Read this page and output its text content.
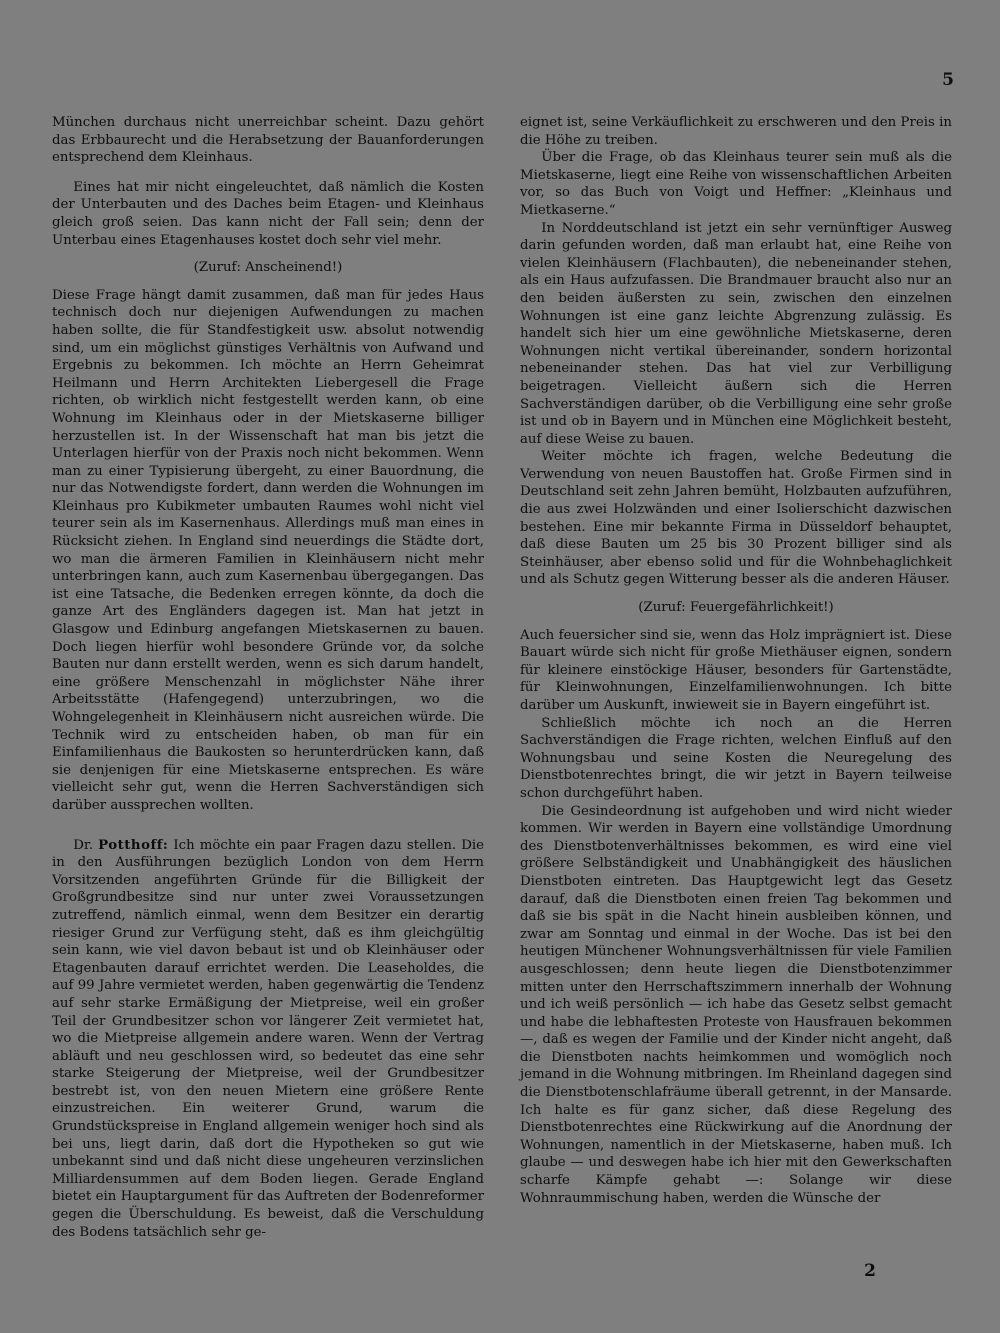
5

München durchaus nicht unerreichbar scheint. Dazu gehört das Erbbaurecht und die Herabsetzung der Bauanforderungen entsprechend dem Kleinhaus.

Eines hat mir nicht eingeleuchtet, daß nämlich die Kosten der Unterbauten und des Daches beim Etagen- und Kleinhaus gleich groß seien. Das kann nicht der Fall sein; denn der Unterbau eines Etagenhauses kostet doch sehr viel mehr.

(Zuruf: Anscheinend!)

Diese Frage hängt damit zusammen, daß man für jedes Haus technisch doch nur diejenigen Aufwendungen zu machen haben sollte, die für Standfestigkeit usw. absolut notwendig sind, um ein möglichst günstiges Verhältnis von Aufwand und Ergebnis zu bekommen. Ich möchte an Herrn Geheimrat Heilmann und Herrn Architekten Liebergesell die Frage richten, ob wirklich nicht festgestellt werden kann, ob eine Wohnung im Kleinhaus oder in der Mietskaserne billiger herzustellen ist. In der Wissenschaft hat man bis jetzt die Unterlagen hierfür von der Praxis noch nicht bekommen. Wenn man zu einer Typisierung übergeht, zu einer Bauordnung, die nur das Notwendigste fordert, dann werden die Wohnungen im Kleinhaus pro Kubikmeter umbauten Raumes wohl nicht viel teurer sein als im Kasernenhaus. Allerdings muß man eines in Rücksicht ziehen. In England sind neuerdings die Städte dort, wo man die ärmeren Familien in Kleinhäusern nicht mehr unterbringen kann, auch zum Kasernenbau übergegangen. Das ist eine Tatsache, die Bedenken erregen könnte, da doch die ganze Art des Engländers dagegen ist. Man hat jetzt in Glasgow und Edinburg angefangen Mietskasernen zu bauen. Doch liegen hierfür wohl besondere Gründe vor, da solche Bauten nur dann erstellt werden, wenn es sich darum handelt, eine größere Menschenzahl in möglichster Nähe ihrer Arbeitsstätte (Hafengegend) unterzubringen, wo die Wohngelegenheit in Kleinhäusern nicht ausreichen würde. Die Technik wird zu entscheiden haben, ob man für ein Einfamilienhaus die Baukosten so herunterdrücken kann, daß sie denjenigen für eine Mietskaserne entsprechen. Es wäre vielleicht sehr gut, wenn die Herren Sachverständigen sich darüber aussprechen wollten.

Dr. Potthoff: Ich möchte ein paar Fragen dazu stellen. Die in den Ausführungen bezüglich London von dem Herrn Vorsitzenden angeführten Gründe für die Billigkeit der Großgrundbesitze sind nur unter zwei Voraussetzungen zutreffend, nämlich einmal, wenn dem Besitzer ein derartig riesiger Grund zur Verfügung steht, daß es ihm gleichgültig sein kann, wie viel davon bebaut ist und ob Kleinhäuser oder Etagenbauten darauf errichtet werden. Die Leaseholdes, die auf 99 Jahre vermietet werden, haben gegenwärtig die Tendenz auf sehr starke Ermäßigung der Mietpreise, weil ein großer Teil der Grundbesitzer schon vor längerer Zeit vermietet hat, wo die Mietpreise allgemein andere waren. Wenn der Vertrag abläuft und neu geschlossen wird, so bedeutet das eine sehr starke Steigerung der Mietpreise, weil der Grundbesitzer bestrebt ist, von den neuen Mietern eine größere Rente einzustreichen. Ein weiterer Grund, warum die Grundstückspreise in England allgemein weniger hoch sind als bei uns, liegt darin, daß dort die Hypotheken so gut wie unbekannt sind und daß nicht diese ungeheuren verzinslichen Milliardensummen auf dem Boden liegen. Gerade England bietet ein Hauptargument für das Auftreten der Bodenreformer gegen die Überschuldung. Es beweist, daß die Verschuldung des Bodens tatsächlich sehr ge-

eignet ist, seine Verkäuflichkeit zu erschweren und den Preis in die Höhe zu treiben.

Über die Frage, ob das Kleinhaus teurer sein muß als die Mietskaserne, liegt eine Reihe von wissenschaftlichen Arbeiten vor, so das Buch von Voigt und Heffner: „Kleinhaus und Mietkaserne.“

In Norddeutschland ist jetzt ein sehr vernünftiger Ausweg darin gefunden worden, daß man erlaubt hat, eine Reihe von vielen Kleinhäusern (Flachbauten), die nebeneinander stehen, als ein Haus aufzufassen. Die Brandmauer braucht also nur an den beiden äußersten zu sein, zwischen den einzelnen Wohnungen ist eine ganz leichte Abgrenzung zulässig. Es handelt sich hier um eine gewöhnliche Mietskaserne, deren Wohnungen nicht vertikal übereinander, sondern horizontal nebeneinander stehen. Das hat viel zur Verbilligung beigetragen. Vielleicht äußern sich die Herren Sachverständigen darüber, ob die Verbilligung eine sehr große ist und ob in Bayern und in München eine Möglichkeit besteht, auf diese Weise zu bauen.

Weiter möchte ich fragen, welche Bedeutung die Verwendung von neuen Baustoffen hat. Große Firmen sind in Deutschland seit zehn Jahren bemüht, Holzbauten aufzuführen, die aus zwei Holzwänden und einer Isolierschicht dazwischen bestehen. Eine mir bekannte Firma in Düsseldorf behauptet, daß diese Bauten um 25 bis 30 Prozent billiger sind als Steinhäuser, aber ebenso solid und für die Wohnbehaglichkeit und als Schutz gegen Witterung besser als die anderen Häuser.

(Zuruf: Feuergefährlichkeit!)

Auch feuersicher sind sie, wenn das Holz imprägniert ist. Diese Bauart würde sich nicht für große Miethäuser eignen, sondern für kleinere einstöckige Häuser, besonders für Gartenstädte, für Kleinwohnungen, Einzelfamilienwohnungen. Ich bitte darüber um Auskunft, inwieweit sie in Bayern eingeführt ist.

Schließlich möchte ich noch an die Herren Sachverständigen die Frage richten, welchen Einfluß auf den Wohnungsbau und seine Kosten die Neuregelung des Dienstbotenrechtes bringt, die wir jetzt in Bayern teilweise schon durchgeführt haben.

Die Gesindeordnung ist aufgehoben und wird nicht wieder kommen. Wir werden in Bayern eine vollständige Umordnung des Dienstbotenverhältnisses bekommen, es wird eine viel größere Selbständigkeit und Unabhängigkeit des häuslichen Dienstboten eintreten. Das Hauptgewicht legt das Gesetz darauf, daß die Dienstboten einen freien Tag bekommen und daß sie bis spät in die Nacht hinein ausbleiben können, und zwar am Sonntag und einmal in der Woche. Das ist bei den heutigen Münchener Wohnungsverhältnissen für viele Familien ausgeschlossen; denn heute liegen die Dienstbotenzimmer mitten unter den Herrschaftszimmern innerhalb der Wohnung und ich weiß persönlich — ich habe das Gesetz selbst gemacht und habe die lebhaftesten Proteste von Hausfrauen bekommen —, daß es wegen der Familie und der Kinder nicht angeht, daß die Dienstboten nachts heimkommen und womöglich noch jemand in die Wohnung mitbringen. Im Rheinland dagegen sind die Dienstbotenschlafräume überall getrennt, in der Mansarde. Ich halte es für ganz sicher, daß diese Regelung des Dienstbotenrechtes eine Rückwirkung auf die Anordnung der Wohnungen, namentlich in der Mietskaserne, haben muß. Ich glaube — und deswegen habe ich hier mit den Gewerkschaften scharfe Kämpfe gehabt —: Solange wir diese Wohnraummischung haben, werden die Wünsche der

2
